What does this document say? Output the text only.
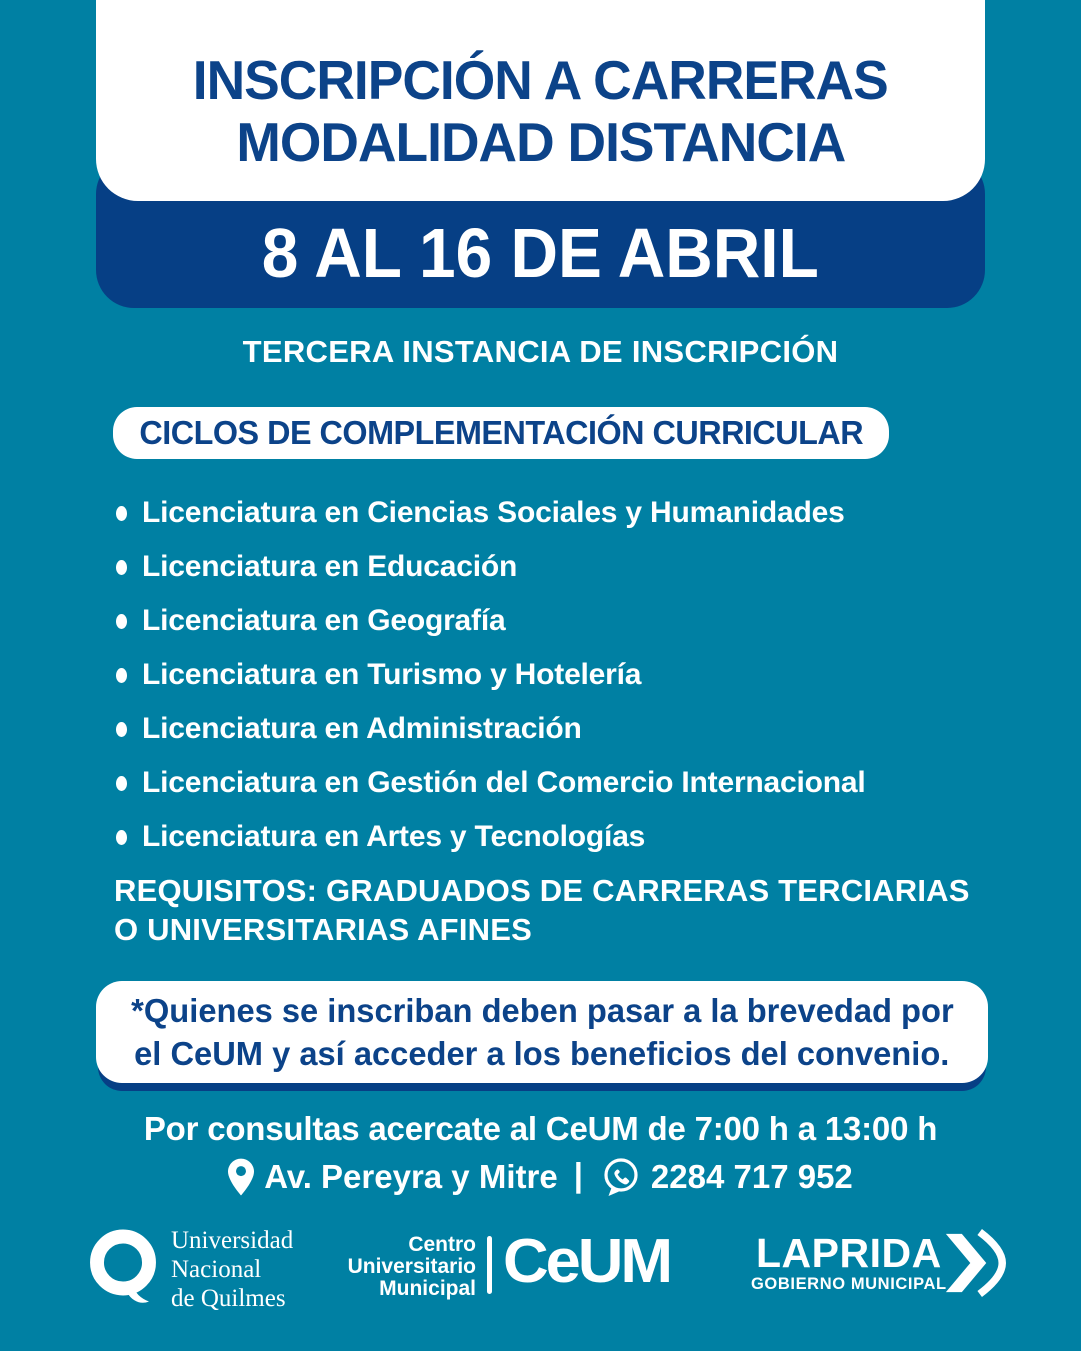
INSCRIPCIÓN A CARRERAS
MODALIDAD DISTANCIA
8 AL 16 DE ABRIL
TERCERA INSTANCIA DE INSCRIPCIÓN
CICLOS DE COMPLEMENTACIÓN CURRICULAR
Licenciatura en Ciencias Sociales y Humanidades
Licenciatura en Educación
Licenciatura en Geografía
Licenciatura en Turismo y Hotelería
Licenciatura en Administración
Licenciatura en Gestión del Comercio Internacional
Licenciatura en Artes y Tecnologías
REQUISITOS: GRADUADOS DE CARRERAS TERCIARIAS O UNIVERSITARIAS AFINES
*Quienes se inscriban deben pasar a la brevedad por
el CeUM y así acceder a los beneficios del convenio.
Por consultas acercate al CeUM de 7:00 h a 13:00 h
Av. Pereyra y Mitre | 2284 717 952
Universidad
Nacional
de Quilmes
Centro
Universitario
Municipal CeUM LAPRIDA
GOBIERNO MUNICIPAL
